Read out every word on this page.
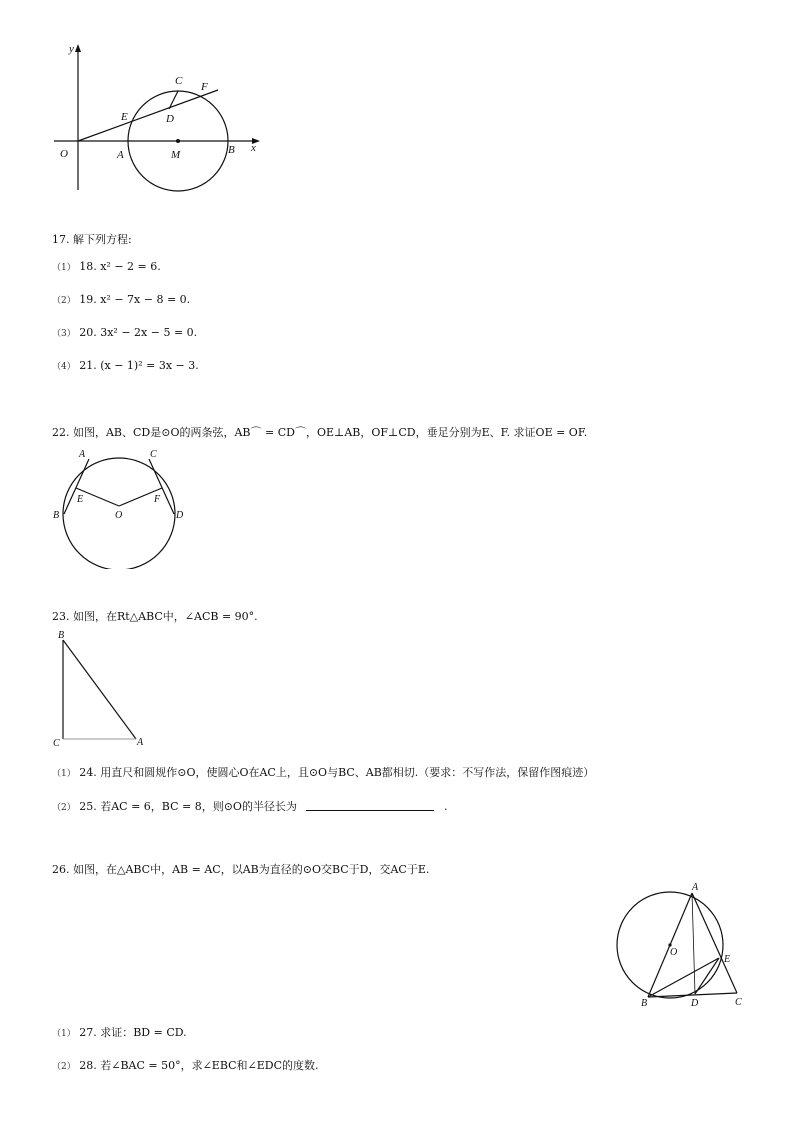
y
x
O	A	M	B
C F
E	D
17. 解下列方程:
（1） 18. x² − 2 = 6.
（2） 19. x² − 7x − 8 = 0.
（3） 20. 3x² − 2x − 5 = 0.
（4） 21. (x − 1)² = 3x − 3.
22. 如图，AB、CD是⊙O的两条弦，AB⌒ = CD⌒，OE⊥AB，OF⊥CD，垂足分别为E、F. 求证OE = OF.
A	C
E	F
B	O	D
23. 如图，在Rt△ABC中，∠ACB = 90°.
B
C	A
（1） 24. 用直尺和圆规作⊙O，使圆心O在AC上，且⊙O与BC、AB都相切.（要求：不写作法，保留作图痕迹）
（2） 25. 若AC = 6，BC = 8，则⊙O的半径长为	.
26. 如图，在△ABC中，AB = AC，以AB为直径的⊙O交BC于D，交AC于E.
A
O
E
B	D	C
（1） 27. 求证：BD = CD.
（2） 28. 若∠BAC = 50°，求∠EBC和∠EDC的度数.
